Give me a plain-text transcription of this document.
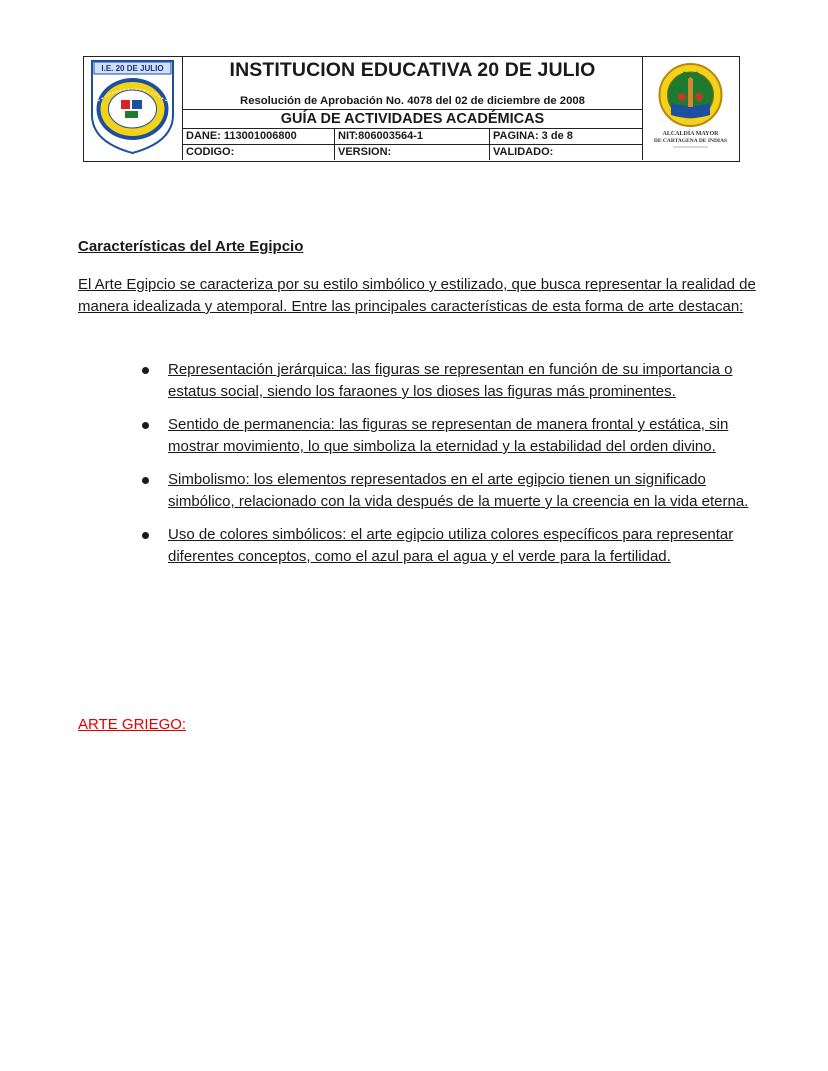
I.E. 20 DE JULIO	INSTITUCION EDUCATIVA 20 DE JULIO
Resolución de Aprobación No. 4078 del 02 de diciembre de 2008
GUÍA DE ACTIVIDADES ACADÉMICAS
DANE: 113001006800	NIT:806003564-1	PAGINA: 3 de 8
CODIGO:	VERSION:	VALIDADO:
ALCALDÍA MAYOR
DE CARTAGENA DE INDIAS
Características del Arte Egipcio
El Arte Egipcio se caracteriza por su estilo simbólico y estilizado, que busca representar la realidad de manera idealizada y atemporal. Entre las principales características de esta forma de arte destacan:
Representación jerárquica: las figuras se representan en función de su importancia o estatus social, siendo los faraones y los dioses las figuras más prominentes.
Sentido de permanencia: las figuras se representan de manera frontal y estática, sin mostrar movimiento, lo que simboliza la eternidad y la estabilidad del orden divino.
Simbolismo: los elementos representados en el arte egipcio tienen un significado simbólico, relacionado con la vida después de la muerte y la creencia en la vida eterna.
Uso de colores simbólicos: el arte egipcio utiliza colores específicos para representar diferentes conceptos, como el azul para el agua y el verde para la fertilidad.
ARTE GRIEGO:
